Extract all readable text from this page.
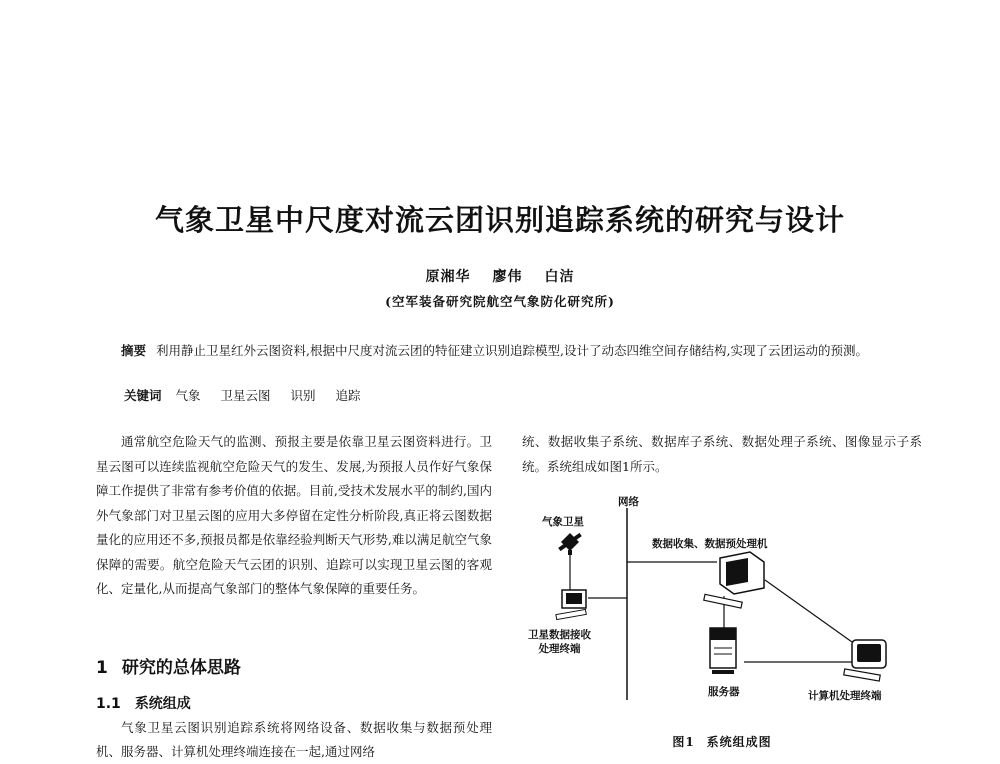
气象卫星中尺度对流云团识别追踪系统的研究与设计
原湘华 廖伟 白洁
(空军装备研究院航空气象防化研究所)
摘要 利用静止卫星红外云图资料,根据中尺度对流云团的特征建立识别追踪模型,设计了动态四维空间存储结构,实现了云团运动的预测。
关键词 气象 卫星云图 识别 追踪

通常航空危险天气的监测、预报主要是依靠卫星云图资料进行。卫星云图可以连续监视航空危险天气的发生、发展,为预报人员作好气象保障工作提供了非常有参考价值的依据。目前,受技术发展水平的制约,国内外气象部门对卫星云图的应用大多停留在定性分析阶段,真正将云图数据量化的应用还不多,预报员都是依靠经验判断天气形势,难以满足航空气象保障的需要。航空危险天气云团的识别、追踪可以实现卫星云图的客观化、定量化,从而提高气象部门的整体气象保障的重要任务。

1 研究的总体思路
1.1 系统组成

气象卫星云图识别追踪系统将网络设备、数据收集与数据预处理机、服务器、计算机处理终端连接在一起,通过网络

统、数据收集子系统、数据库子系统、数据处理子系统、图像显示子系统。系统组成如图1所示。

网络
气象卫星
卫星数据接收
处理终端
数据收集、数据预处理机
服务器	计算机处理终端
图1 系统组成图
